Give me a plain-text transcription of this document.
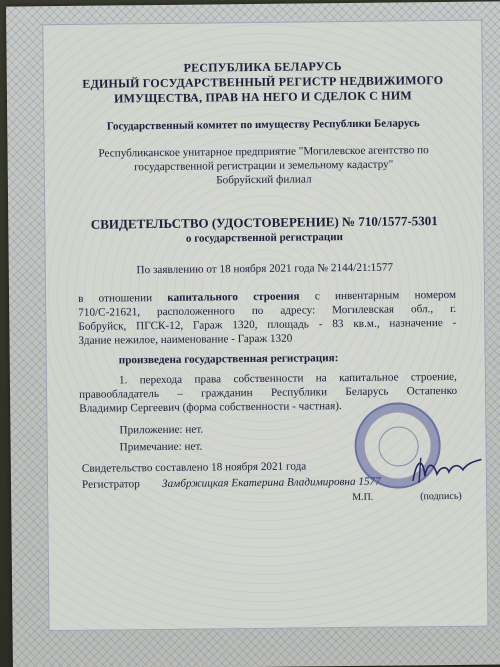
РЕСПУБЛИКА БЕЛАРУСЬ
ЕДИНЫЙ ГОСУДАРСТВЕННЫЙ РЕГИСТР НЕДВИЖИМОГО
ИМУЩЕСТВА, ПРАВ НА НЕГО И СДЕЛОК С НИМ
Государственный комитет по имуществу Республики Беларусь
Республиканское унитарное предприятие "Могилевское агентство по
государственной регистрации и земельному кадастру"
Бобруйский филиал
СВИДЕТЕЛЬСТВО (УДОСТОВЕРЕНИЕ) № 710/1577-5301
о государственной регистрации
По заявлению от 18 ноября 2021 года № 2144/21:1577
в отношении капитального строения с инвентарным номером
710/С-21621, расположенного по адресу: Могилевская обл., г.
Бобруйск, ПГСК-12, Гараж 1320, площадь - 83 кв.м., назначение -
Здание нежилое, наименование - Гараж 1320
произведена государственная регистрация:
1. перехода права собственности на капитальное строение,
правообладатель – гражданин Республики Беларусь Остапенко
Владимир Сергеевич (форма собственности - частная).
Приложение: нет.
Примечание: нет.
Свидетельство составлено 18 ноября 2021 года
Регистратор Замбржицкая Екатерина Владимировна 1577
М.П.	(подпись)
